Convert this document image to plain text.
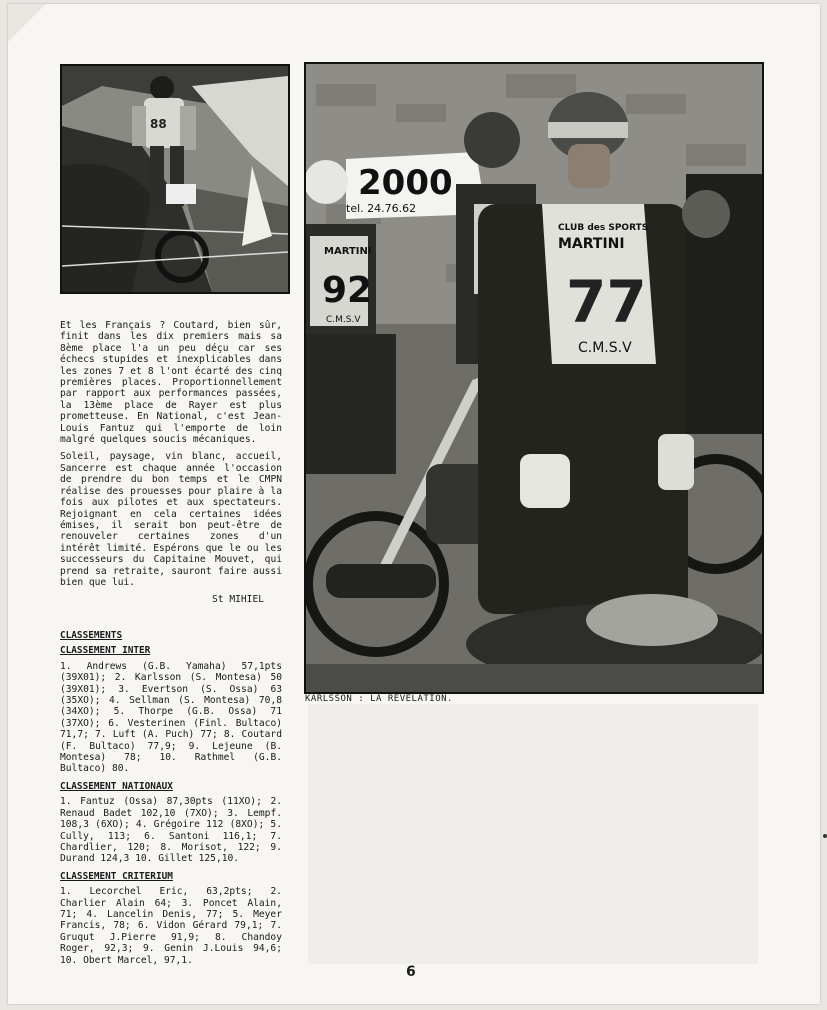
88
2000
tel. 24.76.62
MARTINI
92
C.M.S.V
CLUB des SPORTS
MARTINI
77
C.M.S.V
KARLSSON : LA REVELATION.

Et les Français ? Coutard, bien sûr, finit dans les dix premiers mais sa 8ème place l'a un peu déçu car ses échecs stupides et inexplicables dans les zones 7 et 8 l'ont écarté des cinq premières places. Proportionnellement par rapport aux performances passées, la 13ème place de Rayer est plus prometteuse. En National, c'est Jean-Louis Fantuz qui l'emporte de loin malgré quelques soucis mécaniques.

Soleil, paysage, vin blanc, accueil, Sancerre est chaque année l'occasion de prendre du bon temps et le CMPN réalise des prouesses pour plaire à la fois aux pilotes et aux spectateurs. Rejoignant en cela certaines idées émises, il serait bon peut-être de renouveler certaines zones d'un intérêt limité. Espérons que le ou les successeurs du Capitaine Mouvet, qui prend sa retraite, sauront faire aussi bien que lui.

St MIHIEL
CLASSEMENTS
CLASSEMENT INTER

1. Andrews (G.B. Yamaha) 57,1pts (39X01); 2. Karlsson (S. Montesa) 50 (39X01); 3. Evertson (S. Ossa) 63 (35XO); 4. Sellman (S. Montesa) 70,8 (34XO); 5. Thorpe (G.B. Ossa) 71 (37XO); 6. Vesterinen (Finl. Bultaco) 71,7; 7. Luft (A. Puch) 77; 8. Coutard (F. Bultaco) 77,9; 9. Lejeune (B. Montesa) 78; 10. Rathmel (G.B. Bultaco) 80.

CLASSEMENT NATIONAUX

1. Fantuz (Ossa) 87,30pts (11XO); 2. Renaud Badet 102,10 (7XO); 3. Lempf. 108,3 (6XO); 4. Grégoire 112 (8XO); 5. Cully, 113; 6. Santoni 116,1; 7. Chardlier, 120; 8. Morisot, 122; 9. Durand 124,3 10. Gillet 125,10.

CLASSEMENT CRITERIUM

1. Lecorchel Eric, 63,2pts; 2. Charlier Alain 64; 3. Poncet Alain, 71; 4. Lancelin Denis, 77; 5. Meyer Francis, 78; 6. Vidon Gérard 79,1; 7. Gruqut J.Pierre 91,9; 8. Chandoy Roger, 92,3; 9. Genin J.Louis 94,6; 10. Obert Marcel, 97,1.

6
